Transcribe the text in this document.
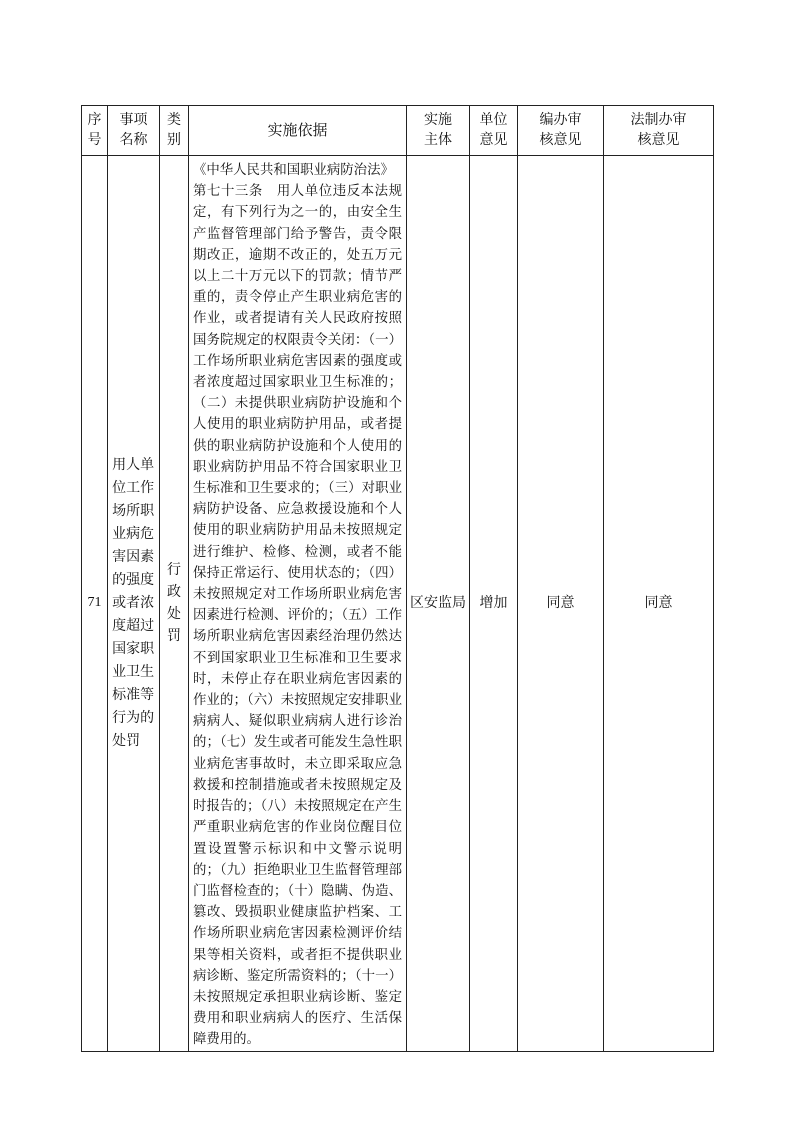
序号	事项名称	类别	实施依据	实施主体	单位意见	编办审核意见	法制办审核意见
71	用人单位工作场所职业病危害因素的强度或者浓度超过国家职业卫生标准等行为的处罚	行政处罚	《中华人民共和国职业病防治法》
第七十三条　用人单位违反本法规定，有下列行为之一的，由安全生产监督管理部门给予警告，责令限期改正，逾期不改正的，处五万元以上二十万元以下的罚款；情节严重的，责令停止产生职业病危害的作业，或者提请有关人民政府按照国务院规定的权限责令关闭：（一）工作场所职业病危害因素的强度或者浓度超过国家职业卫生标准的；（二）未提供职业病防护设施和个人使用的职业病防护用品，或者提供的职业病防护设施和个人使用的职业病防护用品不符合国家职业卫生标准和卫生要求的；（三）对职业病防护设备、应急救援设施和个人使用的职业病防护用品未按照规定进行维护、检修、检测，或者不能保持正常运行、使用状态的；（四）未按照规定对工作场所职业病危害因素进行检测、评价的；（五）工作场所职业病危害因素经治理仍然达不到国家职业卫生标准和卫生要求时，未停止存在职业病危害因素的作业的；（六）未按照规定安排职业病病人、疑似职业病病人进行诊治的；（七）发生或者可能发生急性职业病危害事故时，未立即采取应急救援和控制措施或者未按照规定及时报告的；（八）未按照规定在产生严重职业病危害的作业岗位醒目位置设置警示标识和中文警示说明的；（九）拒绝职业卫生监督管理部门监督检查的；（十）隐瞒、伪造、篡改、毁损职业健康监护档案、工作场所职业病危害因素检测评价结果等相关资料，或者拒不提供职业病诊断、鉴定所需资料的；（十一）未按照规定承担职业病诊断、鉴定费用和职业病病人的医疗、生活保障费用的。	区安监局	增加	同意	同意
